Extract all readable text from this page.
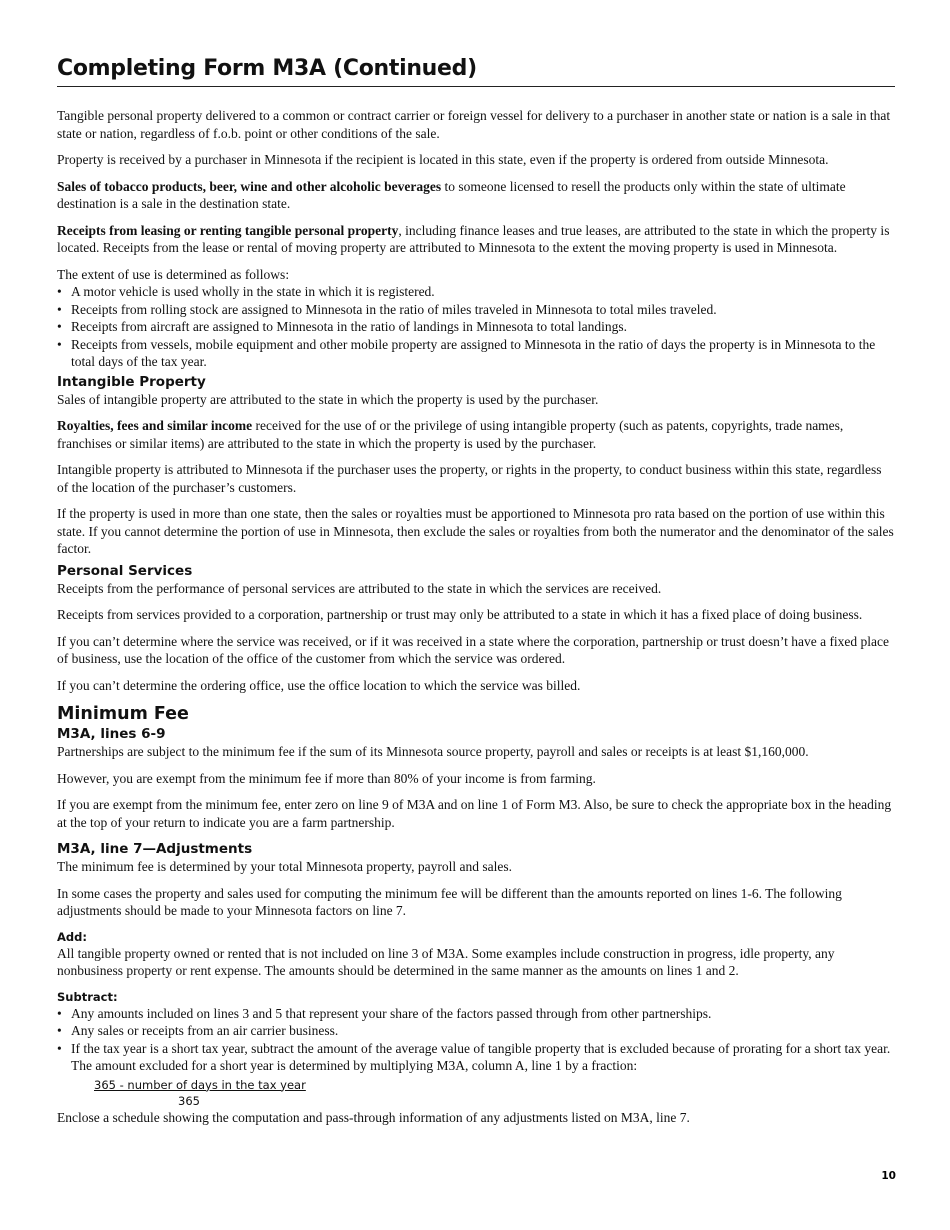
Completing Form M3A (Continued)

Tangible personal property delivered to a common or contract carrier or foreign vessel for delivery to a purchaser in another state or nation is a sale in that state or nation, regardless of f.o.b. point or other conditions of the sale.

Property is received by a purchaser in Minnesota if the recipient is located in this state, even if the property is ordered from outside Minnesota.

Sales of tobacco products, beer, wine and other alcoholic beverages to someone licensed to resell the products only within the state of ultimate destination is a sale in the destination state.

Receipts from leasing or renting tangible personal property, including finance leases and true leases, are attributed to the state in which the property is located. Receipts from the lease or rental of moving property are attributed to Minnesota to the extent the moving property is used in Minnesota.

The extent of use is determined as follows:

• A motor vehicle is used wholly in the state in which it is registered.
• Receipts from rolling stock are assigned to Minnesota in the ratio of miles traveled in Minnesota to total miles traveled.
• Receipts from aircraft are assigned to Minnesota in the ratio of landings in Minnesota to total landings.
• Receipts from vessels, mobile equipment and other mobile property are assigned to Minnesota in the ratio of days the property is in Minnesota to the total days of the tax year.
Intangible Property

Sales of intangible property are attributed to the state in which the property is used by the purchaser.

Royalties, fees and similar income received for the use of or the privilege of using intangible property (such as patents, copyrights, trade names, franchises or similar items) are attributed to the state in which the property is used by the purchaser.

Intangible property is attributed to Minnesota if the purchaser uses the property, or rights in the property, to conduct business within this state, regardless of the location of the purchaser’s customers.

If the property is used in more than one state, then the sales or royalties must be apportioned to Minnesota pro rata based on the portion of use within this state. If you cannot determine the portion of use in Minnesota, then exclude the sales or royalties from both the numerator and the denominator of the sales factor.

Personal Services

Receipts from the performance of personal services are attributed to the state in which the services are received.

Receipts from services provided to a corporation, partnership or trust may only be attributed to a state in which it has a fixed place of doing business.

If you can’t determine where the service was received, or if it was received in a state where the corporation, partnership or trust doesn’t have a fixed place of business, use the location of the office of the customer from which the service was ordered.

If you can’t determine the ordering office, use the office location to which the service was billed.

Minimum Fee
M3A, lines 6-9

Partnerships are subject to the minimum fee if the sum of its Minnesota source property, payroll and sales or receipts is at least $1,160,000.

However, you are exempt from the minimum fee if more than 80% of your income is from farming.

If you are exempt from the minimum fee, enter zero on line 9 of M3A and on line 1 of Form M3. Also, be sure to check the appropriate box in the heading at the top of your return to indicate you are a farm partnership.

M3A, line 7—Adjustments

The minimum fee is determined by your total Minnesota property, payroll and sales.

In some cases the property and sales used for computing the minimum fee will be different than the amounts reported on lines 1-6. The following adjustments should be made to your Minnesota factors on line 7.

Add:

All tangible property owned or rented that is not included on line 3 of M3A. Some examples include construction in progress, idle property, any nonbusiness property or rent expense. The amounts should be determined in the same manner as the amounts on lines 1 and 2.

Subtract:
• Any amounts included on lines 3 and 5 that represent your share of the factors passed through from other partnerships.
• Any sales or receipts from an air carrier business.
• If the tax year is a short tax year, subtract the amount of the average value of tangible property that is excluded because of prorating for a short tax year. The amount excluded for a short year is determined by multiplying M3A, column A, line 1 by a fraction:
365 - number of days in the tax year
365

Enclose a schedule showing the computation and pass-through information of any adjustments listed on M3A, line 7.

10
